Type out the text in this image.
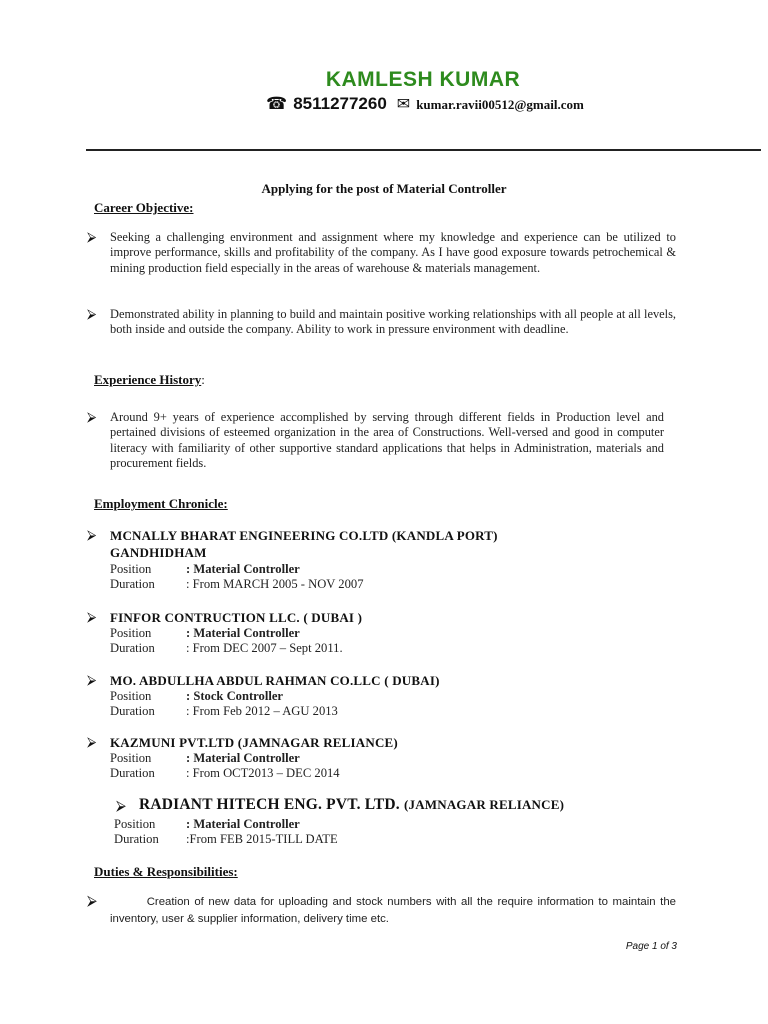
KAMLESH KUMAR
☎ 8511277260 ✉ kumar.ravii00512@gmail.com
Applying for the post of Material Controller
Career Objective:
⮚ Seeking a challenging environment and assignment where my knowledge and experience can be utilized to improve performance, skills and profitability of the company. As I have good exposure towards petrochemical & mining production field especially in the areas of warehouse & materials management.
⮚ Demonstrated ability in planning to build and maintain positive working relationships with all people at all levels, both inside and outside the company. Ability to work in pressure environment with deadline.
Experience History:
⮚ Around 9+ years of experience accomplished by serving through different fields in Production level and pertained divisions of esteemed organization in the area of Constructions. Well-versed and good in computer literacy with familiarity of other supportive standard applications that helps in Administration, materials and procurement fields.
Employment Chronicle:
⮚ MCNALLY BHARAT ENGINEERING CO.LTD (KANDLA PORT)
GANDHIDHAM
Position	: Material Controller
Duration : From MARCH 2005 - NOV 2007
⮚ FINFOR CONTRUCTION LLC. ( DUBAI )
Position	: Material Controller
Duration : From DEC 2007 – Sept 2011.
⮚ MO. ABDULLHA ABDUL RAHMAN CO.LLC ( DUBAI)
Position	: Stock Controller
Duration : From Feb 2012 – AGU 2013
⮚ KAZMUNI PVT.LTD (JAMNAGAR RELIANCE)
Position	: Material Controller
Duration : From OCT2013 – DEC 2014
⮚ RADIANT HITECH ENG. PVT. LTD. (JAMNAGAR RELIANCE)
Position : Material Controller
Duration :From FEB 2015-TILL DATE
Duties & Responsibilities:
⮚ Creation of new data for uploading and stock numbers with all the require information to maintain the inventory, user & supplier information, delivery time etc.
Page 1 of 3
